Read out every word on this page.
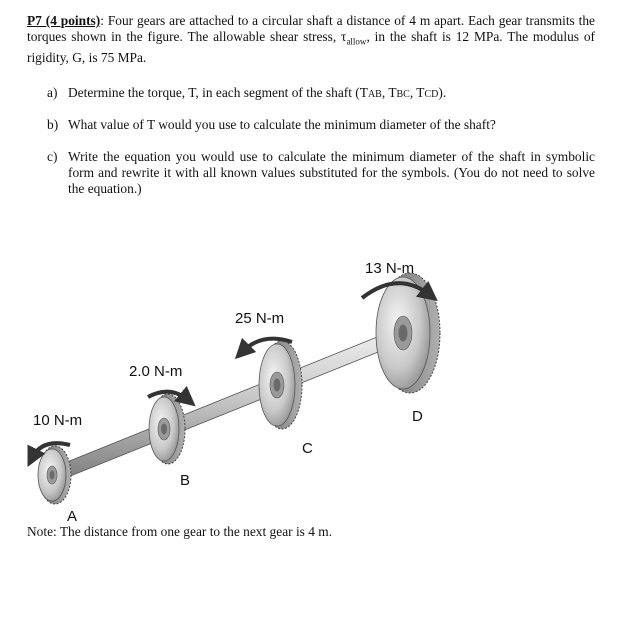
P7 (4 points): Four gears are attached to a circular shaft a distance of 4 m apart. Each gear transmits the torques shown in the figure. The allowable shear stress, $\tau_{allow}$, in the shaft is 12 MPa. The modulus of rigidity, G, is 75 MPa.
a) Determine the torque, T, in each segment of the shaft (TAB, TBC, TCD).
b) What value of T would you use to calculate the minimum diameter of the shaft?
c) Write the equation you would use to calculate the minimum diameter of the shaft in symbolic form and rewrite it with all known values substituted for the symbols. (You do not need to solve the equation.)
10 N-m
2.0 N-m
25 N-m
13 N-m
A
B
C
D
Note: The distance from one gear to the next gear is 4 m.
